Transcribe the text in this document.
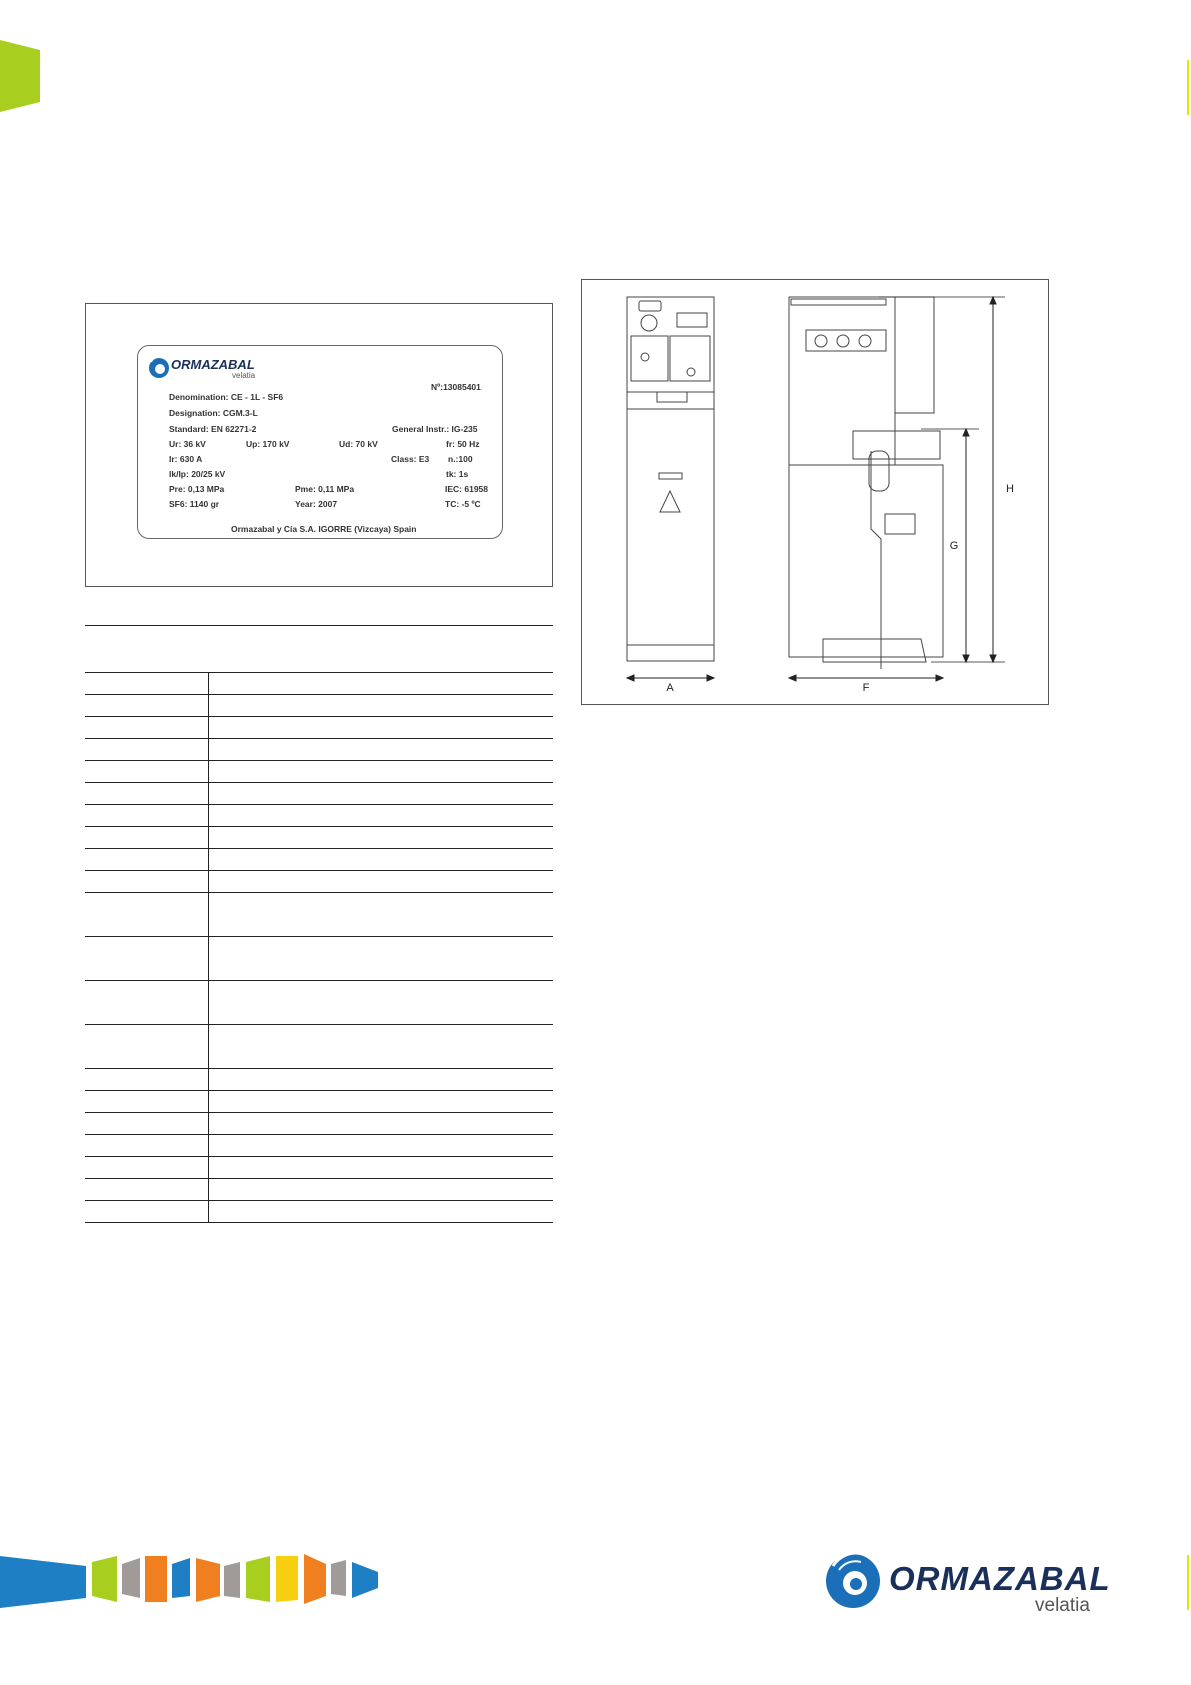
ORMAZABAL
velatia
Nº:13085401
Denomination: CE - 1L - SF6
Designation: CGM.3-L
Standard: EN 62271-2	General Instr.: IG-235
Ur: 36 kV	Up: 170 kV	Ud: 70 kV	fr: 50 Hz
Ir: 630 A	Class: E3 n.:100
Ik/Ip: 20/25 kV	tk: 1s
Pre: 0,13 MPa	Pme: 0,11 MPa	IEC: 61958
SF6: 1140 gr	Year: 2007	TC: -5 ºC
Ormazabal y Cía S.A. IGORRE (Vizcaya) Spain

A	F
G
H
ORMAZABAL
velatia
